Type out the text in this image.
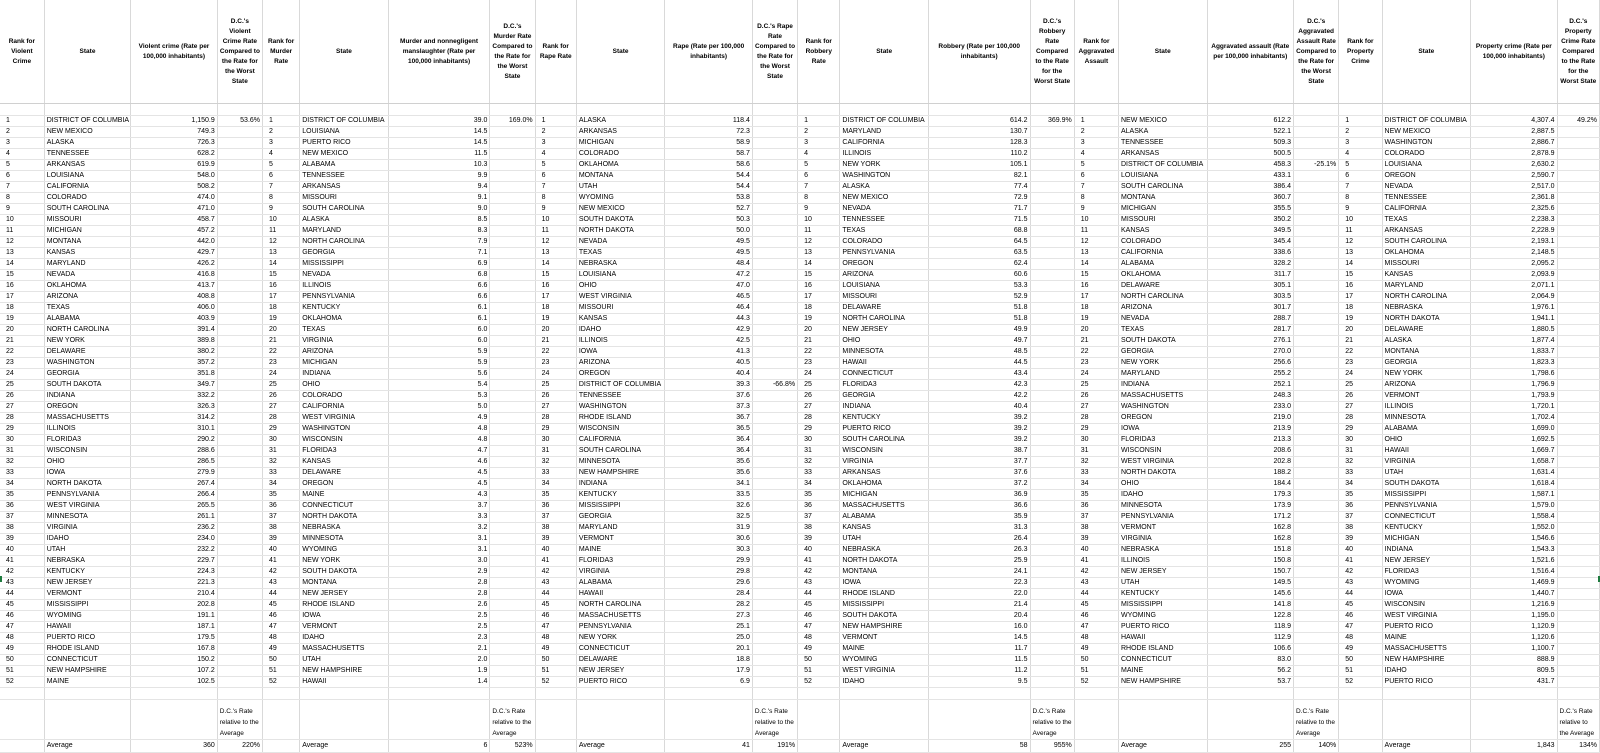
Rank for Violent Crime	State	Violent crime (Rate per 100,000 inhabitants)	D.C.'s Violent Crime Rate Compared to the Rate for the Worst State	Rank for Murder Rate	State	Murder and nonnegligent manslaughter (Rate per 100,000 inhabitants)	D.C.'s Murder Rate Compared to the Rate for the Worst State	Rank for Rape Rate	State	Rape (Rate per 100,000 inhabitants)	D.C.'s Rape Rate Compared to the Rate for the Worst State	Rank for Robbery Rate	State	Robbery (Rate per 100,000 inhabitants)	D.C.'s Robbery Rate Compared to the Rate for the Worst State	Rank for Aggravated Assault	State	Aggravated assault (Rate per 100,000 inhabitants)	D.C.'s Aggravated Assault Rate Compared to the Rate for the Worst State	Rank for Property Crime	State	Property crime (Rate per 100,000 inhabitants)	D.C.'s Property Crime Rate Compared to the Rate for the Worst State

1	DISTRICT OF COLUMBIA	1,150.9	53.6%	1	DISTRICT OF COLUMBIA	39.0	169.0%	1	ALASKA	118.4		1	DISTRICT OF COLUMBIA	614.2	369.9%	1	NEW MEXICO	612.2		1	DISTRICT OF COLUMBIA	4,307.4	49.2%
2	NEW MEXICO	749.3		2	LOUISIANA	14.5		2	ARKANSAS	72.3		2	MARYLAND	130.7		2	ALASKA	522.1		2	NEW MEXICO	2,887.5	
3	ALASKA	726.3		3	PUERTO RICO	14.5		3	MICHIGAN	58.9		3	CALIFORNIA	128.3		3	TENNESSEE	509.3		3	WASHINGTON	2,886.7	
4	TENNESSEE	628.2		4	NEW MEXICO	11.5		4	COLORADO	58.7		4	ILLINOIS	110.2		4	ARKANSAS	500.5		4	COLORADO	2,878.9	
5	ARKANSAS	619.9		5	ALABAMA	10.3		5	OKLAHOMA	58.6		5	NEW YORK	105.1		5	DISTRICT OF COLUMBIA	458.3	-25.1%	5	LOUISIANA	2,630.2	
6	LOUISIANA	548.0		6	TENNESSEE	9.9		6	MONTANA	54.4		6	WASHINGTON	82.1		6	LOUISIANA	433.1		6	OREGON	2,590.7	
7	CALIFORNIA	508.2		7	ARKANSAS	9.4		7	UTAH	54.4		7	ALASKA	77.4		7	SOUTH CAROLINA	386.4		7	NEVADA	2,517.0	
8	COLORADO	474.0		8	MISSOURI	9.1		8	WYOMING	53.8		8	NEW MEXICO	72.9		8	MONTANA	360.7		8	TENNESSEE	2,361.8	
9	SOUTH CAROLINA	471.0		9	SOUTH CAROLINA	9.0		9	NEW MEXICO	52.7		9	NEVADA	71.7		9	MICHIGAN	355.5		9	CALIFORNIA	2,325.6	
10	MISSOURI	458.7		10	ALASKA	8.5		10	SOUTH DAKOTA	50.3		10	TENNESSEE	71.5		10	MISSOURI	350.2		10	TEXAS	2,238.3	
11	MICHIGAN	457.2		11	MARYLAND	8.3		11	NORTH DAKOTA	50.0		11	TEXAS	68.8		11	KANSAS	349.5		11	ARKANSAS	2,228.9	
12	MONTANA	442.0		12	NORTH CAROLINA	7.9		12	NEVADA	49.5		12	COLORADO	64.5		12	COLORADO	345.4		12	SOUTH CAROLINA	2,193.1	
13	KANSAS	429.7		13	GEORGIA	7.1		13	TEXAS	49.5		13	PENNSYLVANIA	63.5		13	CALIFORNIA	338.6		13	OKLAHOMA	2,148.5	
14	MARYLAND	426.2		14	MISSISSIPPI	6.9		14	NEBRASKA	48.4		14	OREGON	62.4		14	ALABAMA	328.2		14	MISSOURI	2,095.2	
15	NEVADA	416.8		15	NEVADA	6.8		15	LOUISIANA	47.2		15	ARIZONA	60.6		15	OKLAHOMA	311.7		15	KANSAS	2,093.9	
16	OKLAHOMA	413.7		16	ILLINOIS	6.6		16	OHIO	47.0		16	LOUISIANA	53.3		16	DELAWARE	305.1		16	MARYLAND	2,071.1	
17	ARIZONA	408.8		17	PENNSYLVANIA	6.6		17	WEST VIRGINIA	46.5		17	MISSOURI	52.9		17	NORTH CAROLINA	303.5		17	NORTH CAROLINA	2,064.9	
18	TEXAS	406.0		18	KENTUCKY	6.1		18	MISSOURI	46.4		18	DELAWARE	51.8		18	ARIZONA	301.7		18	NEBRASKA	1,976.1	
19	ALABAMA	403.9		19	OKLAHOMA	6.1		19	KANSAS	44.3		19	NORTH CAROLINA	51.8		19	NEVADA	288.7		19	NORTH DAKOTA	1,941.1	
20	NORTH CAROLINA	391.4		20	TEXAS	6.0		20	IDAHO	42.9		20	NEW JERSEY	49.9		20	TEXAS	281.7		20	DELAWARE	1,880.5	
21	NEW YORK	389.8		21	VIRGINIA	6.0		21	ILLINOIS	42.5		21	OHIO	49.7		21	SOUTH DAKOTA	276.1		21	ALASKA	1,877.4	
22	DELAWARE	380.2		22	ARIZONA	5.9		22	IOWA	41.3		22	MINNESOTA	48.5		22	GEORGIA	270.0		22	MONTANA	1,833.7	
23	WASHINGTON	357.2		23	MICHIGAN	5.9		23	ARIZONA	40.5		23	HAWAII	44.5		23	NEW YORK	256.6		23	GEORGIA	1,823.3	
24	GEORGIA	351.8		24	INDIANA	5.6		24	OREGON	40.4		24	CONNECTICUT	43.4		24	MARYLAND	255.2		24	NEW YORK	1,798.6	
25	SOUTH DAKOTA	349.7		25	OHIO	5.4		25	DISTRICT OF COLUMBIA	39.3	-66.8%	25	FLORIDA3	42.3		25	INDIANA	252.1		25	ARIZONA	1,796.9	
26	INDIANA	332.2		26	COLORADO	5.3		26	TENNESSEE	37.6		26	GEORGIA	42.2		26	MASSACHUSETTS	248.3		26	VERMONT	1,793.9	
27	OREGON	326.3		27	CALIFORNIA	5.0		27	WASHINGTON	37.3		27	INDIANA	40.4		27	WASHINGTON	233.0		27	ILLINOIS	1,720.1	
28	MASSACHUSETTS	314.2		28	WEST VIRGINIA	4.9		28	RHODE ISLAND	36.7		28	KENTUCKY	39.2		28	OREGON	219.0		28	MINNESOTA	1,702.4	
29	ILLINOIS	310.1		29	WASHINGTON	4.8		29	WISCONSIN	36.5		29	PUERTO RICO	39.2		29	IOWA	213.9		29	ALABAMA	1,699.0	
30	FLORIDA3	290.2		30	WISCONSIN	4.8		30	CALIFORNIA	36.4		30	SOUTH CAROLINA	39.2		30	FLORIDA3	213.3		30	OHIO	1,692.5	
31	WISCONSIN	288.6		31	FLORIDA3	4.7		31	SOUTH CAROLINA	36.4		31	WISCONSIN	38.7		31	WISCONSIN	208.6		31	HAWAII	1,669.7	
32	OHIO	286.5		32	KANSAS	4.6		32	MINNESOTA	35.6		32	VIRGINIA	37.7		32	WEST VIRGINIA	202.8		32	VIRGINIA	1,658.7	
33	IOWA	279.9		33	DELAWARE	4.5		33	NEW HAMPSHIRE	35.6		33	ARKANSAS	37.6		33	NORTH DAKOTA	188.2		33	UTAH	1,631.4	
34	NORTH DAKOTA	267.4		34	OREGON	4.5		34	INDIANA	34.1		34	OKLAHOMA	37.2		34	OHIO	184.4		34	SOUTH DAKOTA	1,618.4	
35	PENNSYLVANIA	266.4		35	MAINE	4.3		35	KENTUCKY	33.5		35	MICHIGAN	36.9		35	IDAHO	179.3		35	MISSISSIPPI	1,587.1	
36	WEST VIRGINIA	265.5		36	CONNECTICUT	3.7		36	MISSISSIPPI	32.6		36	MASSACHUSETTS	36.6		36	MINNESOTA	173.9		36	PENNSYLVANIA	1,579.0	
37	MINNESOTA	261.1		37	NORTH DAKOTA	3.3		37	GEORGIA	32.5		37	ALABAMA	35.9		37	PENNSYLVANIA	171.2		37	CONNECTICUT	1,558.4	
38	VIRGINIA	236.2		38	NEBRASKA	3.2		38	MARYLAND	31.9		38	KANSAS	31.3		38	VERMONT	162.8		38	KENTUCKY	1,552.0	
39	IDAHO	234.0		39	MINNESOTA	3.1		39	VERMONT	30.6		39	UTAH	26.4		39	VIRGINIA	162.8		39	MICHIGAN	1,546.6	
40	UTAH	232.2		40	WYOMING	3.1		40	MAINE	30.3		40	NEBRASKA	26.3		40	NEBRASKA	151.8		40	INDIANA	1,543.3	
41	NEBRASKA	229.7		41	NEW YORK	3.0		41	FLORIDA3	29.9		41	NORTH DAKOTA	25.9		41	ILLINOIS	150.8		41	NEW JERSEY	1,521.6	
42	KENTUCKY	224.3		42	SOUTH DAKOTA	2.9		42	VIRGINIA	29.8		42	MONTANA	24.1		42	NEW JERSEY	150.7		42	FLORIDA3	1,516.4	
43	NEW JERSEY	221.3		43	MONTANA	2.8		43	ALABAMA	29.6		43	IOWA	22.3		43	UTAH	149.5		43	WYOMING	1,469.9	
44	VERMONT	210.4		44	NEW JERSEY	2.8		44	HAWAII	28.4		44	RHODE ISLAND	22.0		44	KENTUCKY	145.6		44	IOWA	1,440.7	
45	MISSISSIPPI	202.8		45	RHODE ISLAND	2.6		45	NORTH CAROLINA	28.2		45	MISSISSIPPI	21.4		45	MISSISSIPPI	141.8		45	WISCONSIN	1,216.9	
46	WYOMING	191.1		46	IOWA	2.5		46	MASSACHUSETTS	27.3		46	SOUTH DAKOTA	20.4		46	WYOMING	122.8		46	WEST VIRGINIA	1,195.0	
47	HAWAII	187.1		47	VERMONT	2.5		47	PENNSYLVANIA	25.1		47	NEW HAMPSHIRE	16.0		47	PUERTO RICO	118.9		47	PUERTO RICO	1,120.9	
48	PUERTO RICO	179.5		48	IDAHO	2.3		48	NEW YORK	25.0		48	VERMONT	14.5		48	HAWAII	112.9		48	MAINE	1,120.6	
49	RHODE ISLAND	167.8		49	MASSACHUSETTS	2.1		49	CONNECTICUT	20.1		49	MAINE	11.7		49	RHODE ISLAND	106.6		49	MASSACHUSETTS	1,100.7	
50	CONNECTICUT	150.2		50	UTAH	2.0		50	DELAWARE	18.8		50	WYOMING	11.5		50	CONNECTICUT	83.0		50	NEW HAMPSHIRE	888.9	
51	NEW HAMPSHIRE	107.2		51	NEW HAMPSHIRE	1.9		51	NEW JERSEY	17.9		51	WEST VIRGINIA	11.2		51	MAINE	56.2		51	IDAHO	809.5	
52	MAINE	102.5		52	HAWAII	1.4		52	PUERTO RICO	6.9		52	IDAHO	9.5		52	NEW HAMPSHIRE	53.7		52	PUERTO RICO	431.7	

			D.C.'s Rate relative to the Average				D.C.'s Rate relative to the Average				D.C.'s Rate relative to the Average				D.C.'s Rate relative to the Average				D.C.'s Rate relative to the Average				D.C.'s Rate relative to the Average
	Average	360	220%		Average	6	523%		Average	41	191%		Average	58	955%		Average	255	140%		Average	1,843	134%
